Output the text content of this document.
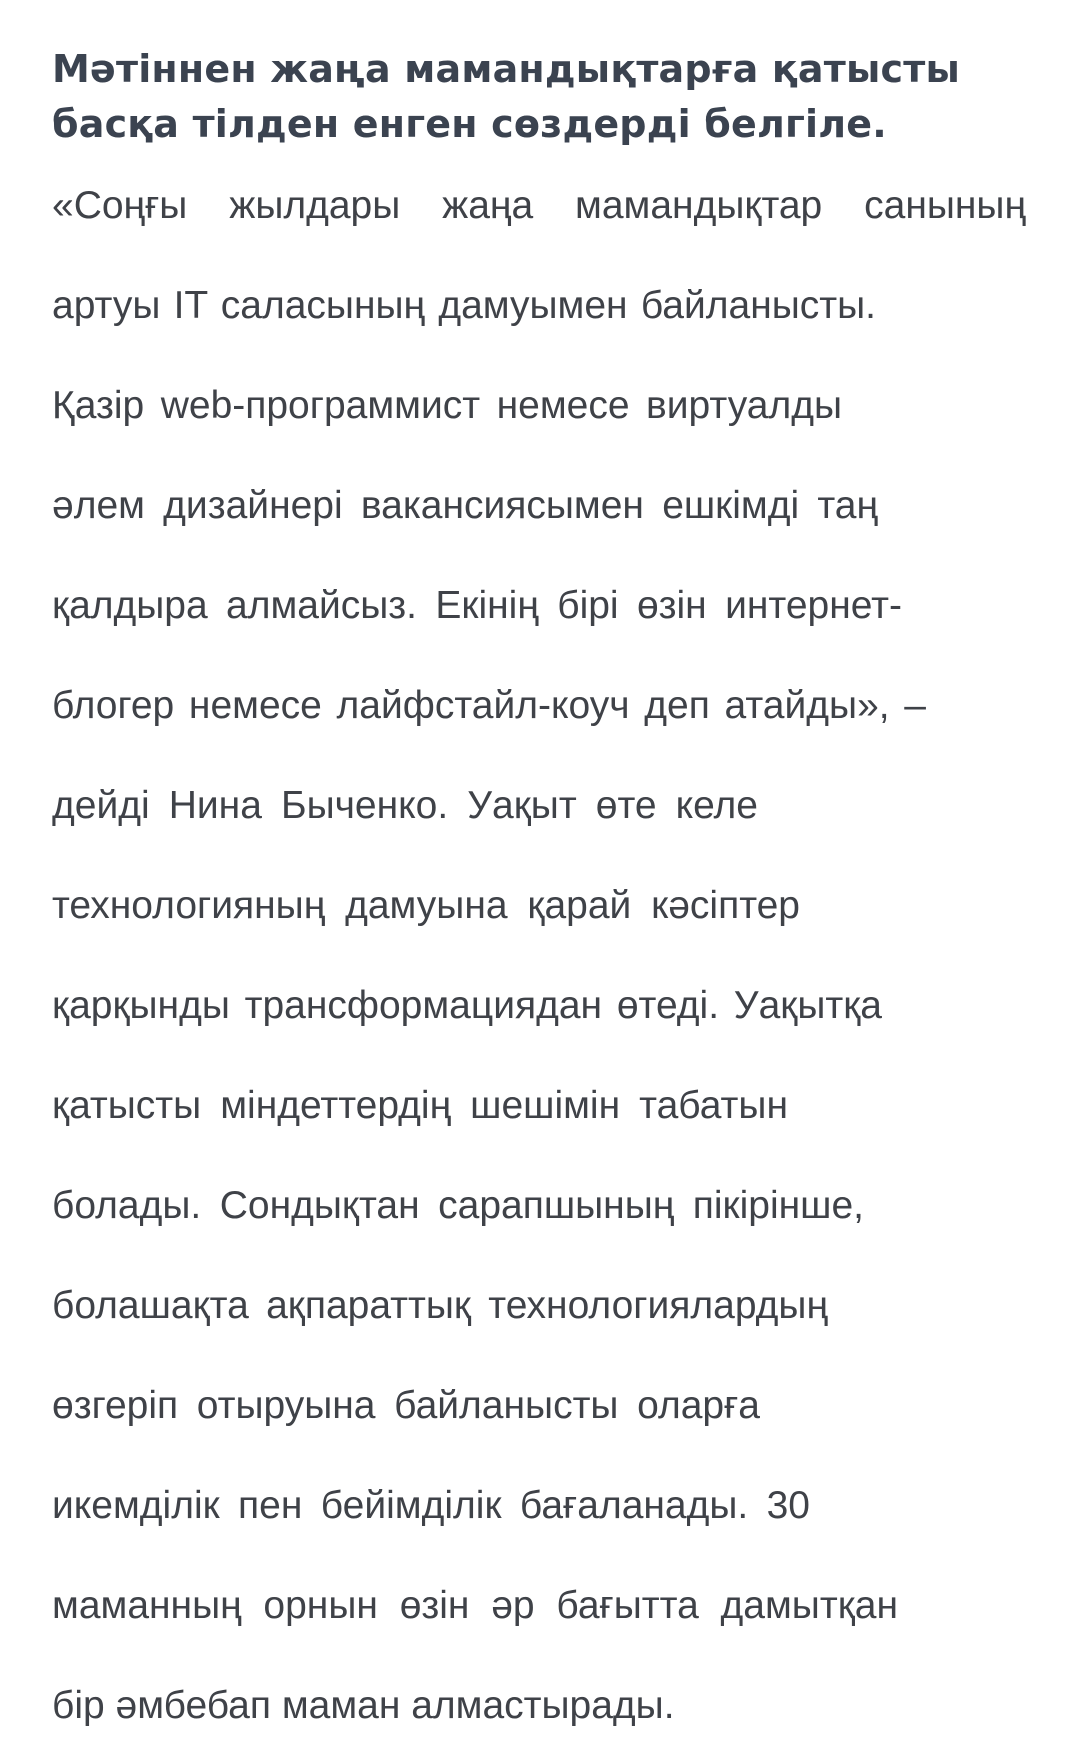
Мәтіннен жаңа мамандықтарға қатысты
басқа тілден енген сөздерді белгіле.
«Соңғы жылдары жаңа мамандықтар санының
артуы IT саласының дамуымен байланысты.
Қазір web-программист немесе виртуалды
әлем дизайнері вакансиясымен ешкімді таң
қалдыра алмайсыз. Екінің бірі өзін интернет-
блогер немесе лайфстайл-коуч деп атайды», –
дейді Нина Быченко. Уақыт өте келе
технологияның дамуына қарай кәсіптер
қарқынды трансформациядан өтеді. Уақытқа
қатысты міндеттердің шешімін табатын
болады. Сондықтан сарапшының пікірінше,
болашақта ақпараттық технологиялардың
өзгеріп отыруына байланысты оларға
икемділік пен бейімділік бағаланады. 30
маманның орнын өзін әр бағытта дамытқан
бір әмбебап маман алмастырады.
